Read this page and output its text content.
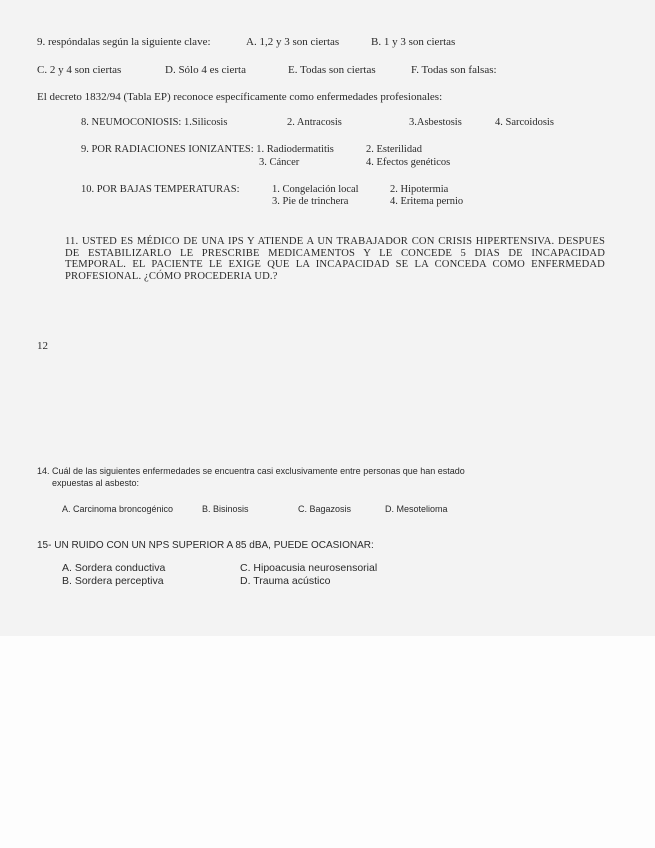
9. respóndalas según la siguiente clave:	A. 1,2 y 3 son ciertas	B. 1 y 3 son ciertas
C. 2 y 4 son ciertas	D. Sólo 4 es cierta	E. Todas son ciertas	F. Todas son falsas:
El decreto 1832/94 (Tabla EP) reconoce específicamente como enfermedades profesionales:
8. NEUMOCONIOSIS: 1.Silicosis	2. Antracosis	3.Asbestosis	4. Sarcoidosis
9. POR RADIACIONES IONIZANTES: 1. Radiodermatitis	2. Esterilidad
3. Cáncer	4. Efectos genéticos
10. POR BAJAS TEMPERATURAS:	1. Congelación local	2. Hipotermia
3. Pie de trinchera	4. Eritema pernio
11. USTED ES MÉDICO DE UNA IPS Y ATIENDE A UN TRABAJADOR CON CRISIS HIPERTENSIVA. DESPUES DE ESTABILIZARLO LE PRESCRIBE MEDICAMENTOS Y LE CONCEDE 5 DIAS DE INCAPACIDAD TEMPORAL. EL PACIENTE LE EXIGE QUE LA INCAPACIDAD SE LA CONCEDA COMO ENFERMEDAD PROFESIONAL. ¿CÓMO PROCEDERIA UD.?
12
14. Cuál de las siguientes enfermedades se encuentra casi exclusivamente entre personas que han estado
expuestas al asbesto:
A. Carcinoma broncogénico	B. Bisinosis	C. Bagazosis	D. Mesotelioma
15- UN RUIDO CON UN NPS SUPERIOR A 85 dBA, PUEDE OCASIONAR:
A. Sordera conductiva
B. Sordera perceptiva
C. Hipoacusia neurosensorial
D. Trauma acústico
